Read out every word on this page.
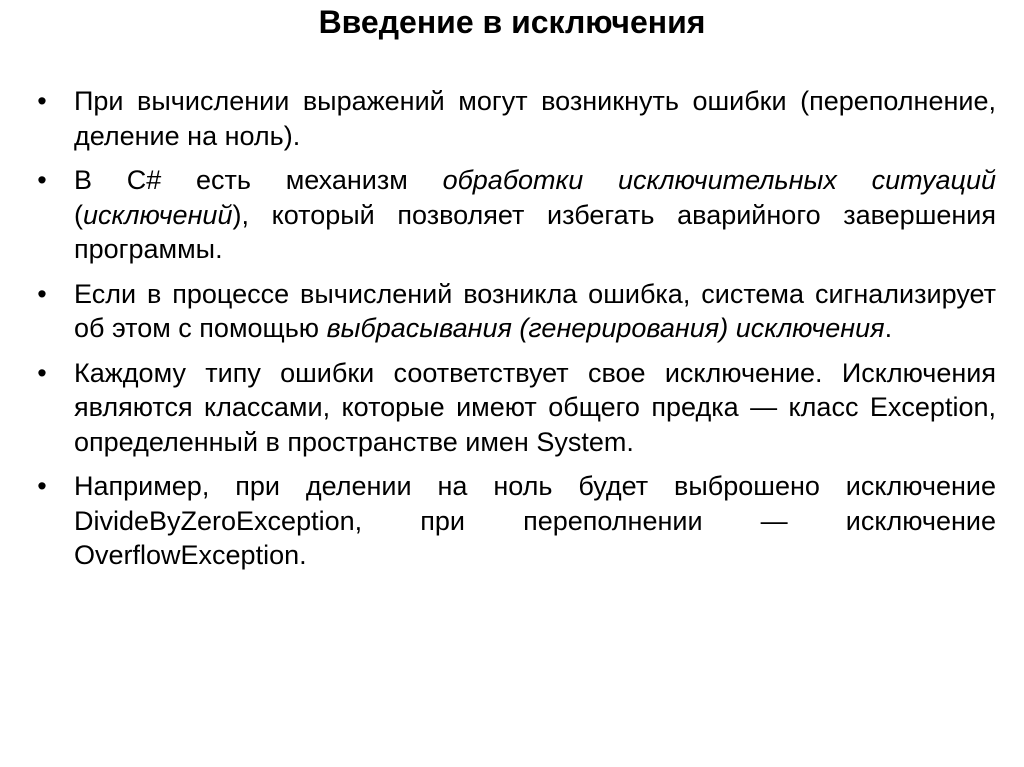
Введение в исключения
• При вычислении выражений могут возникнуть ошибки (переполнение, деление на ноль).
• В C# есть механизм обработки исключительных ситуаций (исключений), который позволяет избегать аварийного завершения программы.
• Если в процессе вычислений возникла ошибка, система сигнализирует об этом с помощью выбрасывания (генерирования) исключения.
• Каждому типу ошибки соответствует свое исключение. Исключения являются классами, которые имеют общего предка — класс Exception, определенный в пространстве имен System.
• Например, при делении на ноль будет выброшено исключение DivideByZeroException, при переполнении — исключение OverflowException.
